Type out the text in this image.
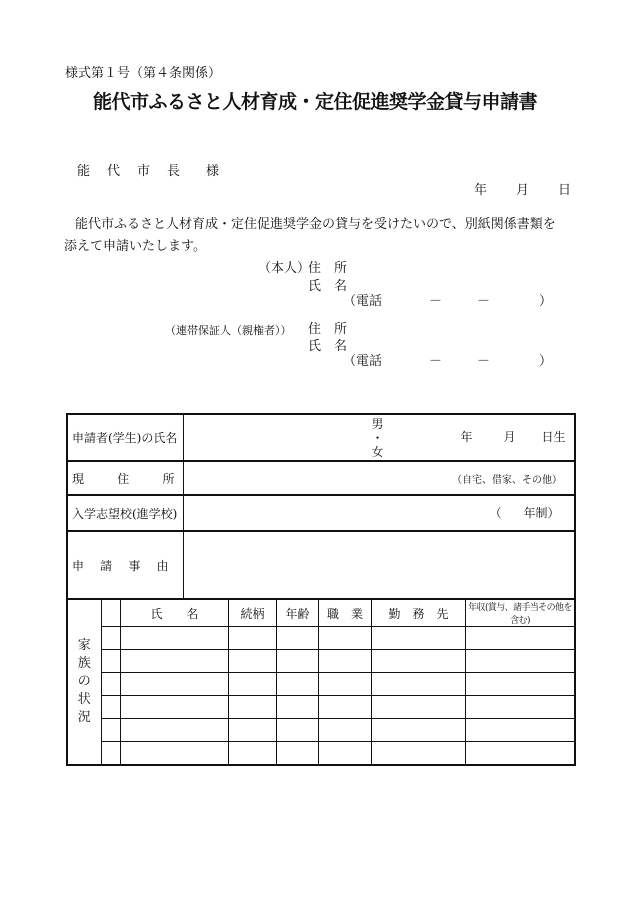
様式第１号（第４条関係）
能代市ふるさと人材育成・定住促進奨学金貸与申請書
能　代　市　長 様
年 月 日
能代市ふるさと人材育成・定住促進奨学金の貸与を受けたいので、別紙関係書類を
添えて申請いたします。
（本人）
住　所
氏　名
（電話	－	－	）
（連帯保証人（親権者）） 住　所
氏　名
（電話	－	－	）
申請者(学生)の氏名	
男
・
女
年	月 日生

現	住	所	（自宅、借家、その他）
入学志望校(進学校)	（ 年制）

申 請 事 由

家 族 の 状 況

	氏　　名	続柄	年齢	職　業	勤　務　先	年収(賞与、諸手当その他を含む)
